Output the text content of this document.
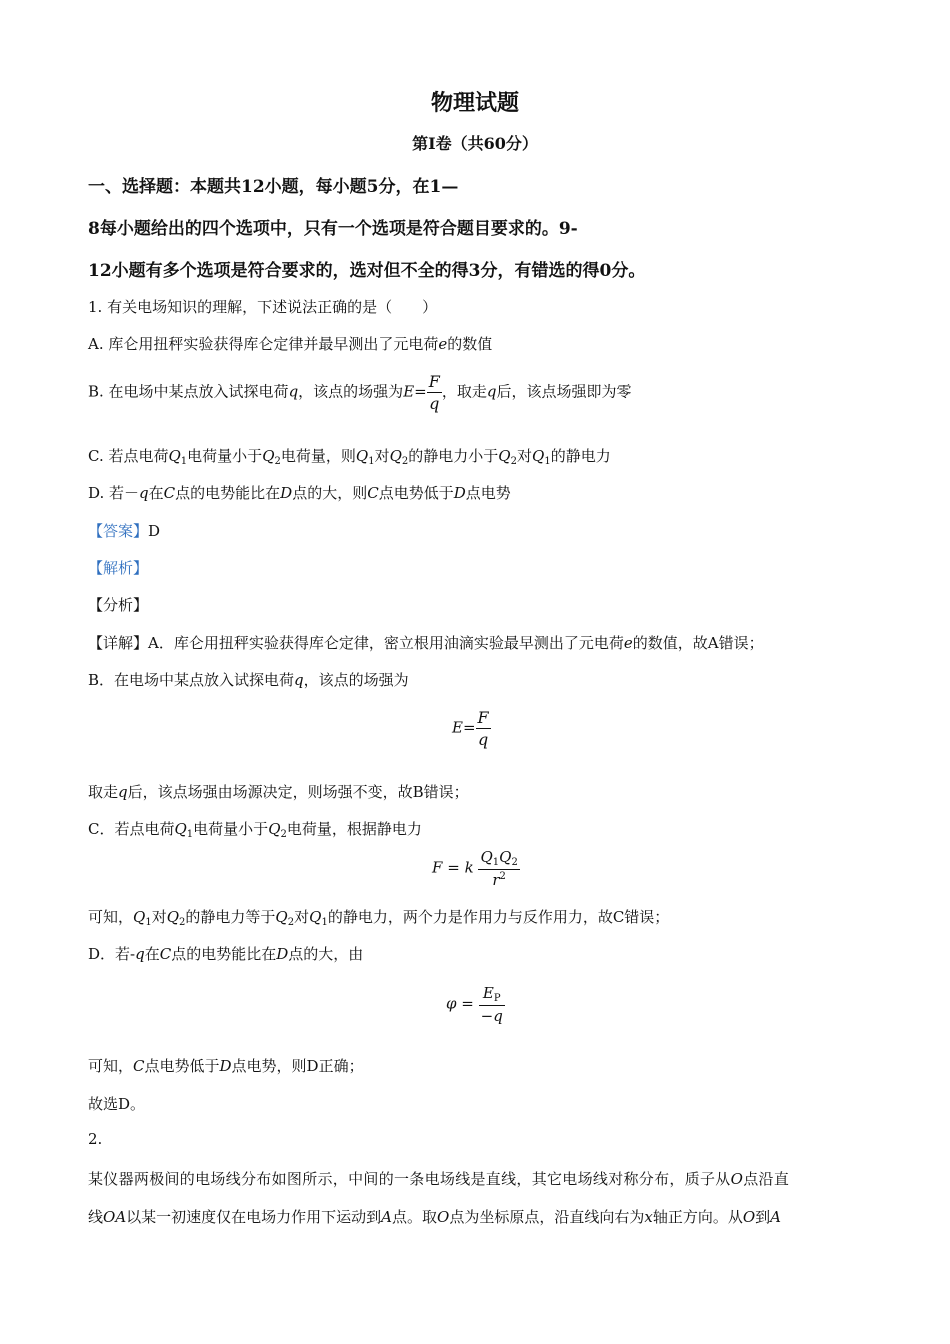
物理试题
第Ⅰ卷（共60分）
一、选择题：本题共12小题，每小题5分，在1—
8每小题给出的四个选项中，只有一个选项是符合题目要求的。9-
12小题有多个选项是符合要求的，选对但不全的得3分，有错选的得0分。
1. 有关电场知识的理解，下述说法正确的是（　　）
A. 库仑用扭秤实验获得库仑定律并最早测出了元电荷e的数值
B. 在电场中某点放入试探电荷q，该点的场强为$E= \frac{F}{q}$ ，取走q后，该点场强即为零
C. 若点电荷$Q_1$电荷量小于$Q_2$电荷量，则$Q_1$对$Q_2$的静电力小于$Q_2$对$Q_1$的静电力
D. 若－q在C点的电势能比在D点的大，则C点电势低于D点电势
【答案】D
【解析】
【分析】
【详解】A．库仑用扭秤实验获得库仑定律，密立根用油滴实验最早测出了元电荷e的数值，故A错误；
B．在电场中某点放入试探电荷q，该点的场强为
$E= \frac{F}{q}$
取走q后，该点场强由场源决定，则场强不变，故B错误；
C．若点电荷$Q_1$电荷量小于$Q_2$电荷量，根据静电力
F = k $\frac{Q_1Q_2}{r^2}$
可知，$Q_1$对$Q_2$的静电力等于$Q_2$对$Q_1$的静电力，两个力是作用力与反作用力，故C错误；
D．若-q在C点的电势能比在D点的大，由
$\varphi = \frac{E_P}{-q}$
可知，C点电势低于D点电势，则D正确；
故选D。
2.
某仪器两极间的电场线分布如图所示，中间的一条电场线是直线，其它电场线对称分布，质子从O点沿直
线OA以某一初速度仅在电场力作用下运动到A点。取O点为坐标原点，沿直线向右为x轴正方向。从O到A
